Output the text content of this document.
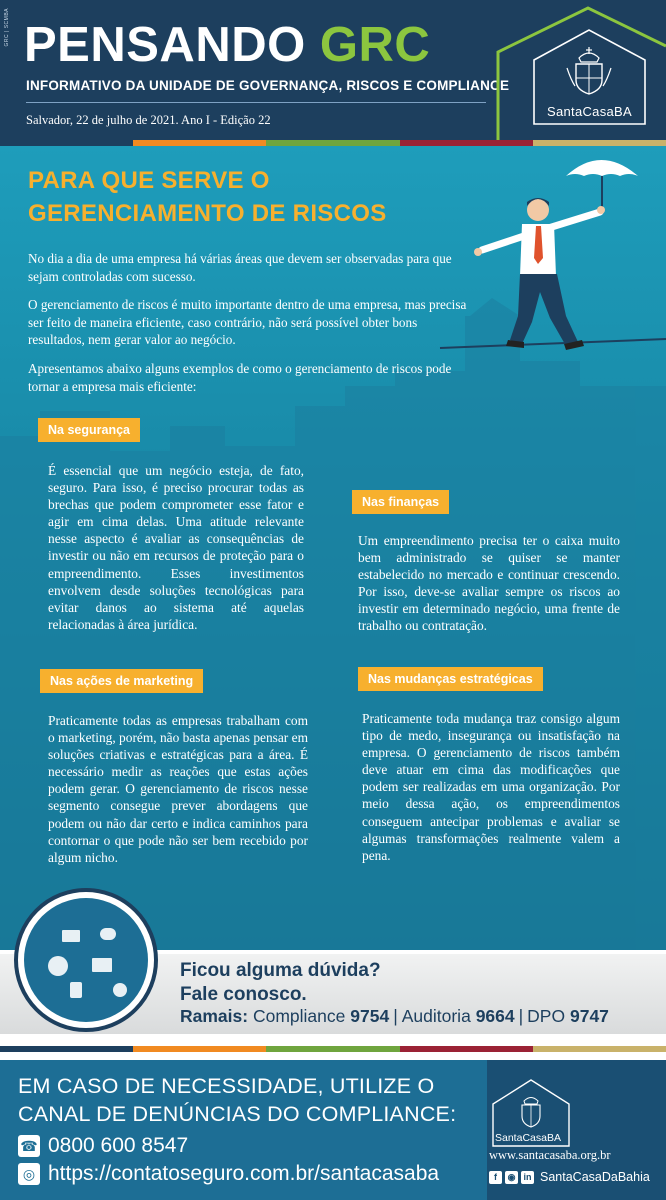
GRC | SCMBA PENSANDO GRC
INFORMATIVO DA UNIDADE DE GOVERNANÇA, RISCOS E COMPLIANCE
Salvador, 22 de julho de 2021. Ano I - Edição 22
SantaCasaBA
PARA QUE SERVE O
GERENCIAMENTO DE RISCOS

No dia a dia de uma empresa há várias áreas que devem ser observadas para que sejam controladas com sucesso.

O gerenciamento de riscos é muito importante dentro de uma empresa, mas precisa ser feito de maneira eficiente, caso contrário, não será possível obter bons resultados, nem gerar valor ao negócio.

Apresentamos abaixo alguns exemplos de como o gerenciamento de riscos pode tornar a empresa mais eficiente:

Na segurança

É essencial que um negócio esteja, de fato, seguro. Para isso, é preciso procurar todas as brechas que podem comprometer esse fator e agir em cima delas. Uma atitude relevante nesse aspecto é avaliar as consequências de investir ou não em recursos de proteção para o empreendimento. Esses investimentos envolvem desde soluções tecnológicas para evitar danos ao sistema até aquelas relacionadas à área jurídica.

Nas finanças

Um empreendimento precisa ter o caixa muito bem administrado se quiser se manter estabelecido no mercado e continuar crescendo. Por isso, deve-se avaliar sempre os riscos ao investir em determinado negócio, uma frente de trabalho ou contratação.

Nas ações de marketing

Praticamente todas as empresas trabalham com o marketing, porém, não basta apenas pensar em soluções criativas e estratégicas para a área. É necessário medir as reações que estas ações podem gerar. O gerenciamento de riscos nesse segmento consegue prever abordagens que podem ou não dar certo e indica caminhos para contornar o que pode não ser bem recebido por algum nicho.

Nas mudanças estratégicas

Praticamente toda mudança traz consigo algum tipo de medo, insegurança ou insatisfação na empresa. O gerenciamento de riscos também deve atuar em cima das modificações que podem ser realizadas em uma organização. Por meio dessa ação, os empreendimentos conseguem antecipar problemas e avaliar se algumas transformações realmente valem a pena.

Ficou alguma dúvida?
Fale conosco.
Ramais: Compliance 9754 | Auditoria 9664 | DPO 9747
EM CASO DE NECESSIDADE, UTILIZE O
CANAL DE DENÚNCIAS DO COMPLIANCE:
☎ 0800 600 8547
◎ https://contatoseguro.com.br/santacasaba
SantaCasaBA
www.santacasaba.org.br
f	◉ in SantaCasaDaBahia
